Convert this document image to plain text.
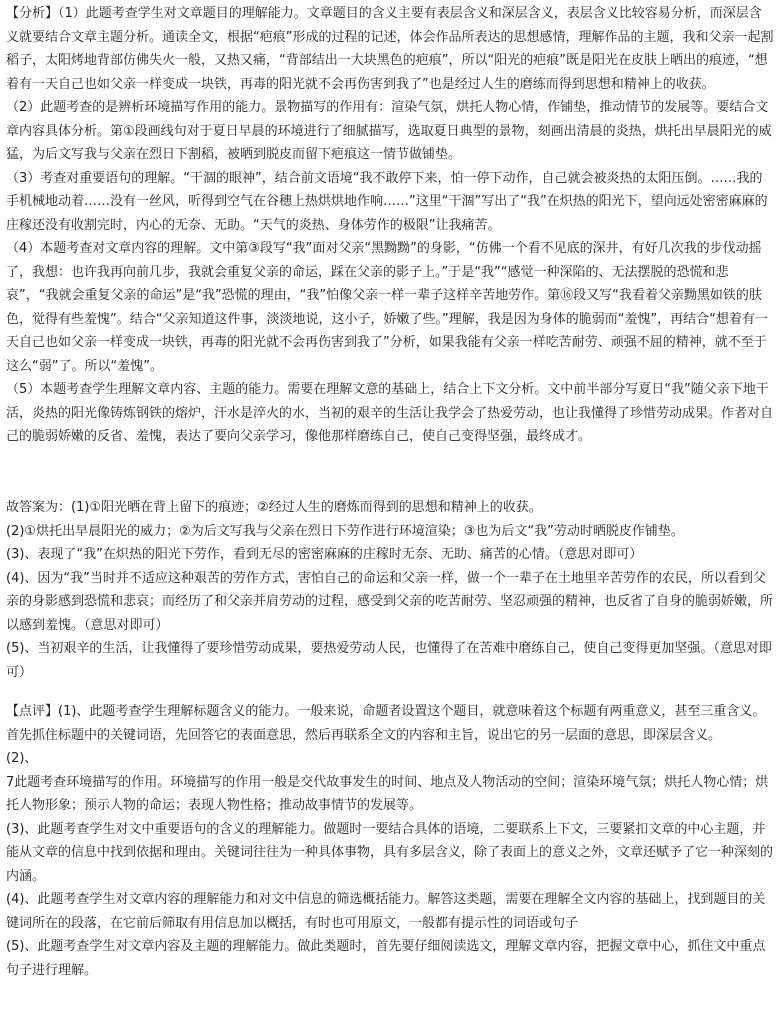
【分析】（1）此题考查学生对文章题目的理解能力。文章题目的含义主要有表层含义和深层含义，表层含义比较容易分析，而深层含义就要结合文章主题分析。通读全文，根据“疤痕”形成的过程的记述，体会作品所表达的思想感情，理解作品的主题，我和父亲一起割稻子，太阳烤地背部仿佛失火一般，又热又痛，“背部结出一大块黑色的疤痕”，所以“阳光的疤痕”既是阳光在皮肤上晒出的痕迹，“想着有一天自己也如父亲一样变成一块铁，再毒的阳光就不会再伤害到我了”也是经过人生的磨练而得到思想和精神上的收获。

（2）此题考查的是辨析环境描写作用的能力。景物描写的作用有：渲染气氛，烘托人物心情，作铺垫，推动情节的发展等。要结合文章内容具体分析。第①段画线句对于夏日早晨的环境进行了细腻描写，选取夏日典型的景物，刻画出清晨的炎热，烘托出早晨阳光的威猛，为后文写我与父亲在烈日下割稻，被晒到脱皮而留下疤痕这一情节做铺垫。

（3）考查对重要语句的理解。“干涸的眼神”，结合前文语境“我不敢停下来，怕一停下动作，自己就会被炎热的太阳压倒。……我的手机械地动着……没有一丝风，听得到空气在谷穗上热烘烘地作响……”这里“干涸”写出了“我”在炽热的阳光下，望向远处密密麻麻的庄稼还没有收割完时，内心的无奈、无助。“天气的炎热、身体劳作的极限”让我痛苦。

（4）本题考查对文章内容的理解。文中第③段写“我”面对父亲“黑黝黝”的身影，“仿佛一个看不见底的深井，有好几次我的步伐动摇了，我想：也许我再向前几步，我就会重复父亲的命运，踩在父亲的影子上。”于是“我”“感觉一种深陷的、无法摆脱的恐慌和悲哀”，“我就会重复父亲的命运”是“我”恐慌的理由，“我”怕像父亲一样一辈子这样辛苦地劳作。第⑯段又写“我看着父亲黝黑如铁的肤色，觉得有些羞愧”。结合“父亲知道这件事，淡淡地说，这小子，娇嫩了些。”理解，我是因为身体的脆弱而“羞愧”，再结合“想着有一天自己也如父亲一样变成一块铁，再毒的阳光就不会再伤害到我了”分析，如果我能有父亲一样吃苦耐劳、顽强不屈的精神，就不至于这么“弱”了。所以“羞愧”。

（5）本题考查学生理解文章内容、主题的能力。需要在理解文意的基础上，结合上下文分析。文中前半部分写夏日“我”随父亲下地干活，炎热的阳光像铸炼钢铁的熔炉，汗水是淬火的水，当初的艰辛的生活让我学会了热爱劳动，也让我懂得了珍惜劳动成果。作者对自己的脆弱娇嫩的反省、羞愧，表达了要向父亲学习，像他那样磨练自己，使自己变得坚强，最终成才。

故答案为：(1)①阳光晒在背上留下的痕迹；②经过人生的磨炼而得到的思想和精神上的收获。

(2)①烘托出早晨阳光的威力；②为后文写我与父亲在烈日下劳作进行环境渲染；③也为后文“我”劳动时晒脱皮作铺垫。

(3)、表现了“我”在炽热的阳光下劳作，看到无尽的密密麻麻的庄稼时无奈、无助、痛苦的心情。（意思对即可）

(4)、因为“我”当时并不适应这种艰苦的劳作方式，害怕自己的命运和父亲一样，做一个一辈子在土地里辛苦劳作的农民，所以看到父亲的身影感到恐慌和悲哀；而经历了和父亲并肩劳动的过程，感受到父亲的吃苦耐劳、坚忍顽强的精神，也反省了自身的脆弱娇嫩，所以感到羞愧。（意思对即可）

(5)、当初艰辛的生活，让我懂得了要珍惜劳动成果，要热爱劳动人民，也懂得了在苦难中磨练自己，使自己变得更加坚强。（意思对即可）

【点评】(1)、此题考查学生理解标题含义的能力。一般来说，命题者设置这个题目，就意味着这个标题有两重意义，甚至三重含义。首先抓住标题中的关键词语，先回答它的表面意思，然后再联系全文的内容和主旨，说出它的另一层面的意思，即深层含义。

(2)、

7此题考查环境描写的作用。环境描写的作用一般是交代故事发生的时间、地点及人物活动的空间；渲染环境气氛；烘托人物心情；烘托人物形象；预示人物的命运；表现人物性格；推动故事情节的发展等。

(3)、此题考查学生对文中重要语句的含义的理解能力。做题时一要结合具体的语境，二要联系上下文，三要紧扣文章的中心主题，并能从文章的信息中找到依据和理由。关键词往往为一种具体事物，具有多层含义，除了表面上的意义之外，文章还赋予了它一种深刻的内涵。

(4)、此题考查学生对文章内容的理解能力和对文中信息的筛选概括能力。解答这类题，需要在理解全文内容的基础上，找到题目的关键词所在的段落，在它前后筛取有用信息加以概括，有时也可用原文，一般都有提示性的词语或句子

(5)、此题考查学生对文章内容及主题的理解能力。做此类题时，首先要仔细阅读选文，理解文章内容，把握文章中心，抓住文中重点句子进行理解。
